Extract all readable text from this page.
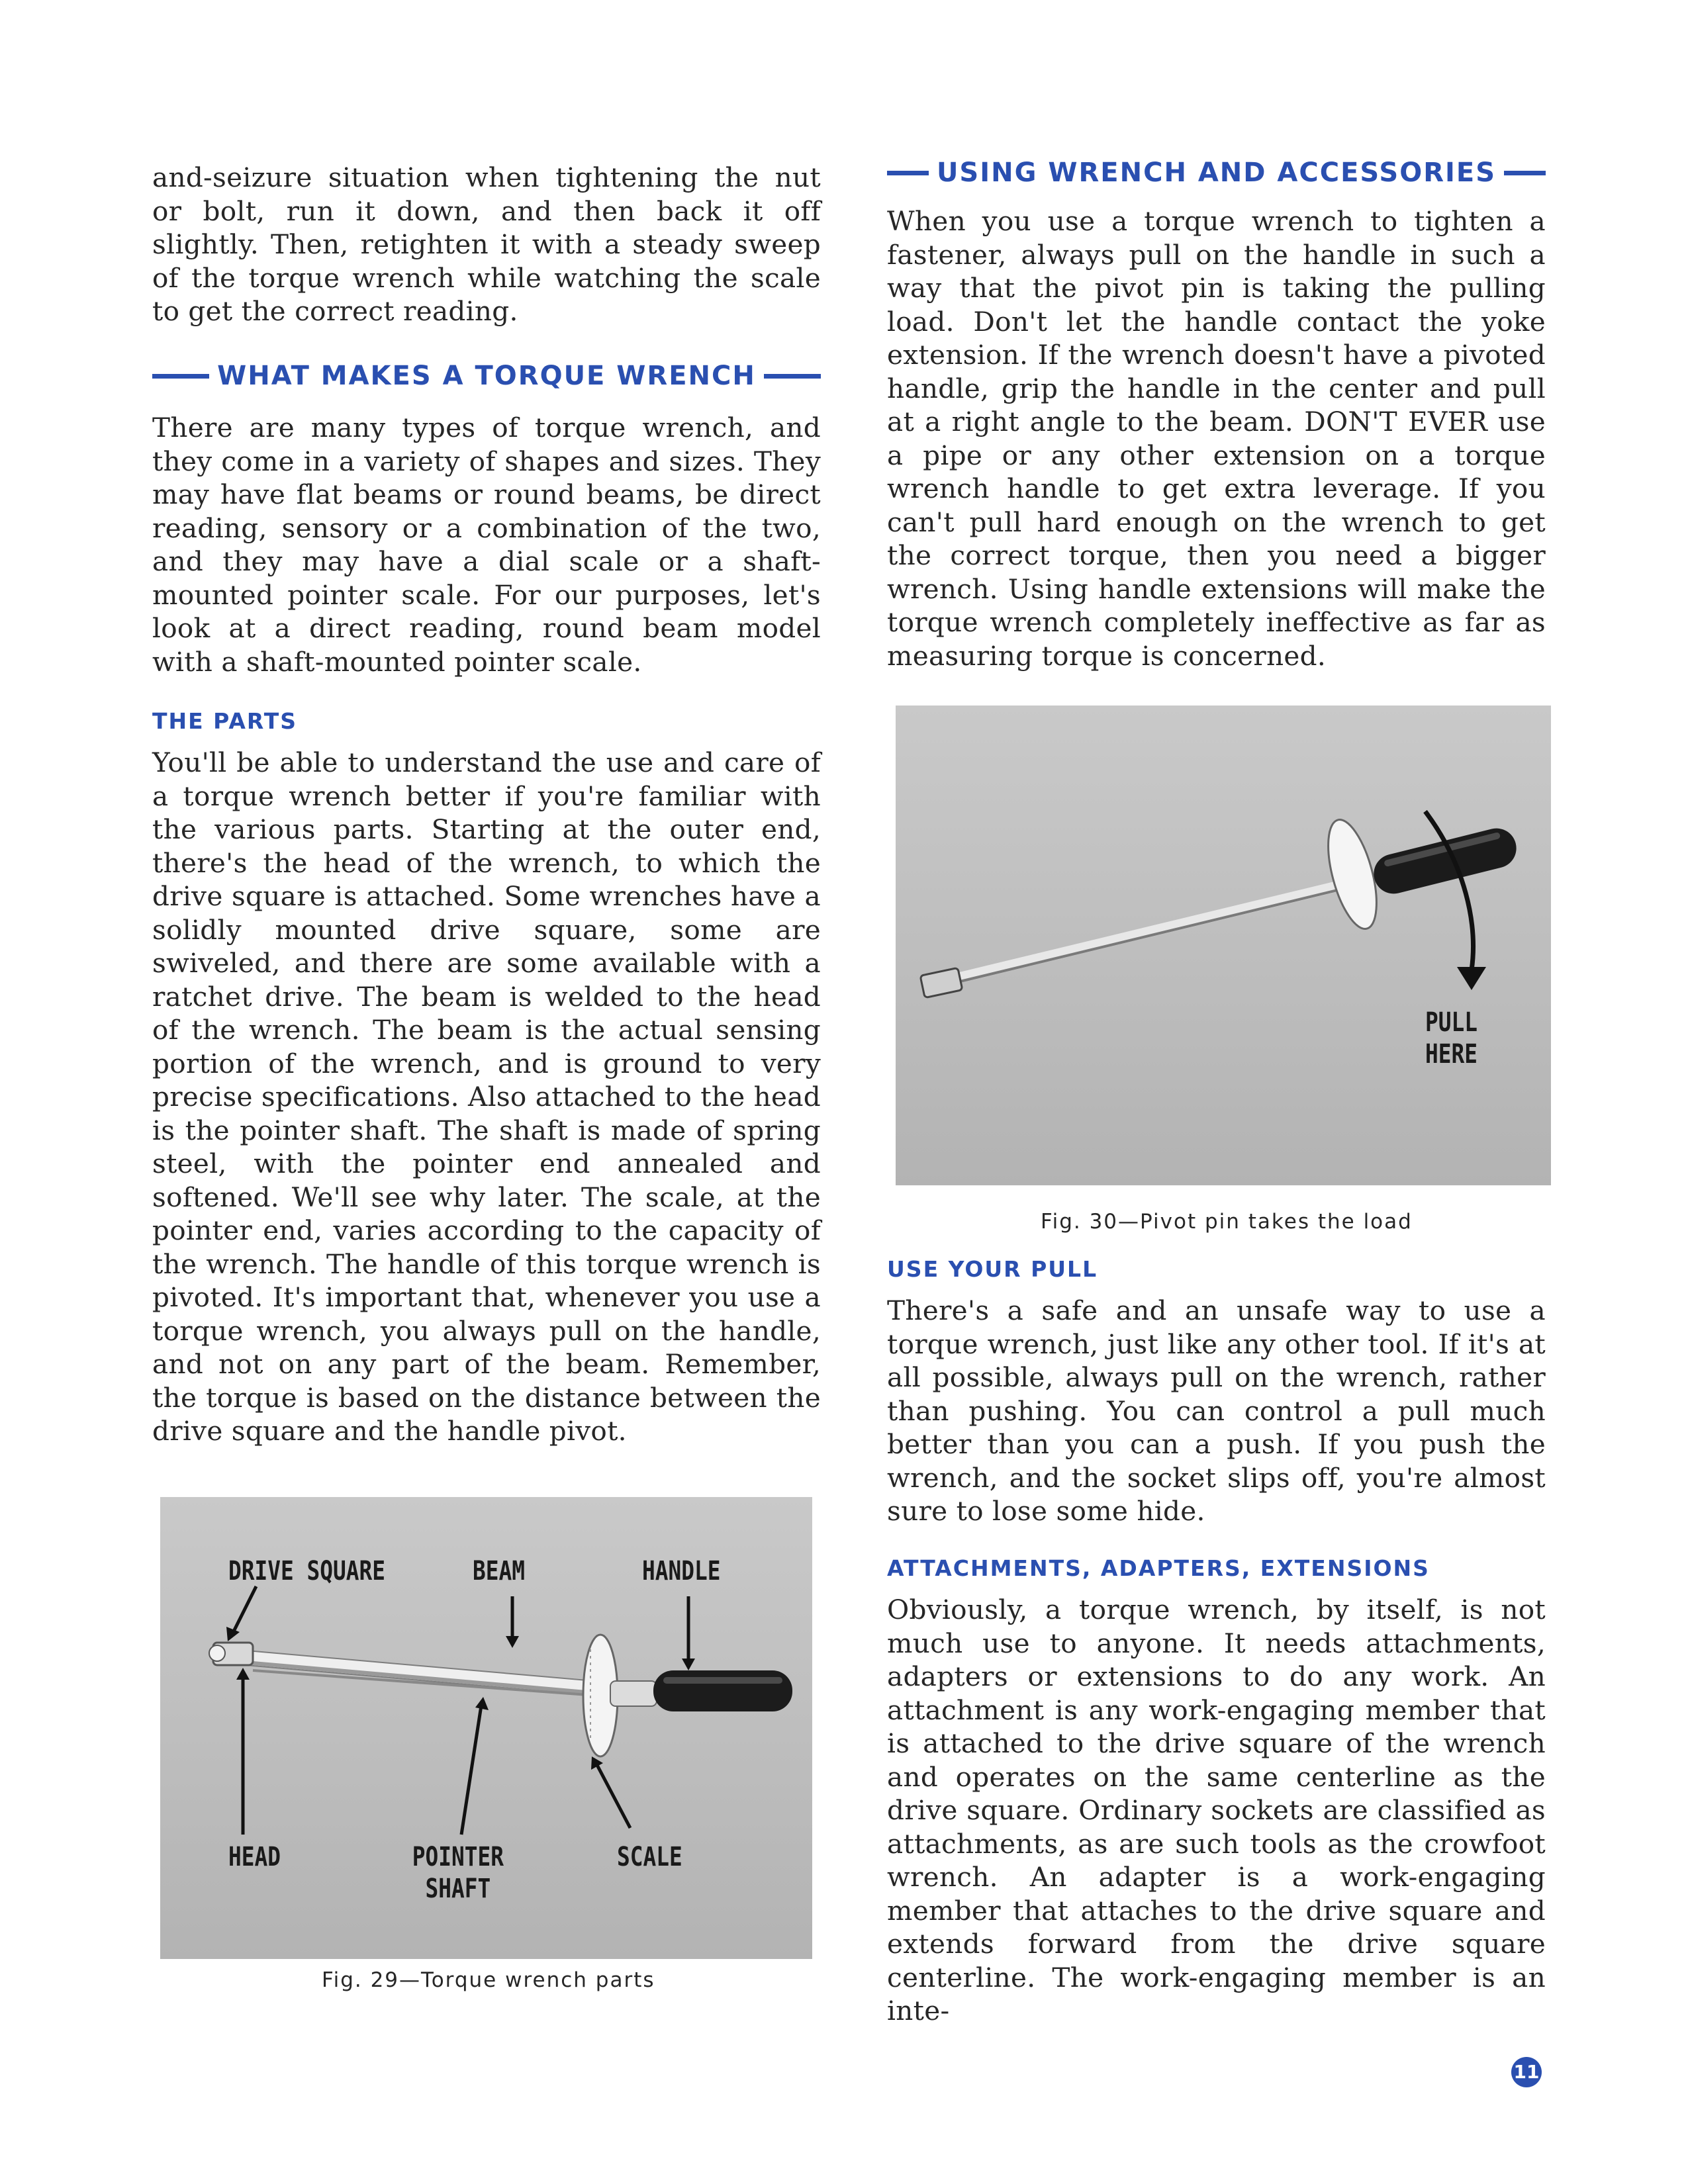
and-seizure situation when tightening the nut or bolt, run it down, and then back it off slightly. Then, retighten it with a steady sweep of the torque wrench while watching the scale to get the correct reading.

WHAT MAKES A TORQUE WRENCH

There are many types of torque wrench, and they come in a variety of shapes and sizes. They may have flat beams or round beams, be direct reading, sensory or a combination of the two, and they may have a dial scale or a shaft-mounted pointer scale. For our purposes, let's look at a direct reading, round beam model with a shaft-mounted pointer scale.

THE PARTS

You'll be able to understand the use and care of a torque wrench better if you're familiar with the various parts. Starting at the outer end, there's the head of the wrench, to which the drive square is attached. Some wrenches have a solidly mounted drive square, some are swiveled, and there are some available with a ratchet drive. The beam is welded to the head of the wrench. The beam is the actual sensing portion of the wrench, and is ground to very precise specifications. Also attached to the head is the pointer shaft. The shaft is made of spring steel, with the pointer end annealed and softened. We'll see why later. The scale, at the pointer end, varies according to the capacity of the wrench. The handle of this torque wrench is pivoted. It's important that, whenever you use a torque wrench, you always pull on the handle, and not on any part of the beam. Remember, the torque is based on the distance between the drive square and the handle pivot.

DRIVE SQUARE	BEAM	HANDLE
HEAD	POINTER
SHAFT
SCALE
Fig. 29—Torque wrench parts
USING WRENCH AND ACCESSORIES

When you use a torque wrench to tighten a fastener, always pull on the handle in such a way that the pivot pin is taking the pulling load. Don't let the handle contact the yoke extension. If the wrench doesn't have a pivoted handle, grip the handle in the center and pull at a right angle to the beam. DON'T EVER use a pipe or any other extension on a torque wrench handle to get extra leverage. If you can't pull hard enough on the wrench to get the correct torque, then you need a bigger wrench. Using handle extensions will make the torque wrench completely ineffective as far as measuring torque is concerned.

PULL
HERE
Fig. 30—Pivot pin takes the load
USE YOUR PULL

There's a safe and an unsafe way to use a torque wrench, just like any other tool. If it's at all possible, always pull on the wrench, rather than pushing. You can control a pull much better than you can a push. If you push the wrench, and the socket slips off, you're almost sure to lose some hide.

ATTACHMENTS, ADAPTERS, EXTENSIONS

Obviously, a torque wrench, by itself, is not much use to anyone. It needs attachments, adapters or extensions to do any work. An attachment is any work-engaging member that is attached to the drive square of the wrench and operates on the same centerline as the drive square. Ordinary sockets are classified as attachments, as are such tools as the crowfoot wrench. An adapter is a work-engaging member that attaches to the drive square and extends forward from the drive square centerline. The work-engaging member is an inte-

11
